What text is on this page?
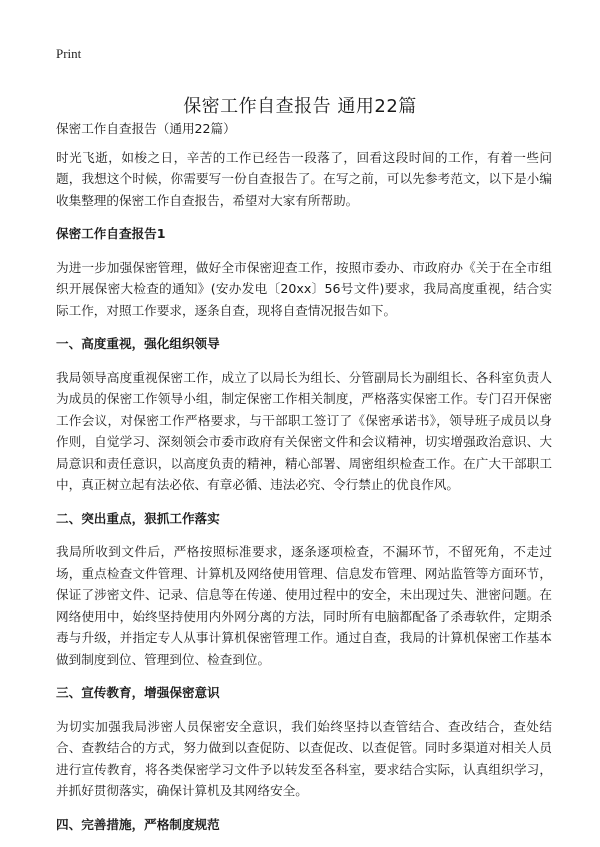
Print
保密工作自查报告 通用22篇

保密工作自查报告（通用22篇）

时光飞逝，如梭之日，辛苦的工作已经告一段落了，回看这段时间的工作，有着一些问题，我想这个时候，你需要写一份自查报告了。在写之前，可以先参考范文，以下是小编收集整理的保密工作自查报告，希望对大家有所帮助。

保密工作自查报告1

为进一步加强保密管理，做好全市保密迎查工作，按照市委办、市政府办《关于在全市组织开展保密大检查的通知》(安办发电〔20xx〕56号文件)要求，我局高度重视，结合实际工作，对照工作要求，逐条自查，现将自查情况报告如下。

一、高度重视，强化组织领导

我局领导高度重视保密工作，成立了以局长为组长、分管副局长为副组长、各科室负责人为成员的保密工作领导小组，制定保密工作相关制度，严格落实保密工作。专门召开保密工作会议，对保密工作严格要求，与干部职工签订了《保密承诺书》，领导班子成员以身作则，自觉学习、深刻领会市委市政府有关保密文件和会议精神，切实增强政治意识、大局意识和责任意识，以高度负责的精神，精心部署、周密组织检查工作。在广大干部职工中，真正树立起有法必依、有章必循、违法必究、令行禁止的优良作风。

二、突出重点，狠抓工作落实

我局所收到文件后，严格按照标准要求，逐条逐项检查，不漏环节，不留死角，不走过场，重点检查文件管理、计算机及网络使用管理、信息发布管理、网站监管等方面环节，保证了涉密文件、记录、信息等在传递、使用过程中的安全，未出现过失、泄密问题。在网络使用中，始终坚持使用内外网分离的方法，同时所有电脑都配备了杀毒软件，定期杀毒与升级，并指定专人从事计算机保密管理工作。通过自查，我局的计算机保密工作基本做到制度到位、管理到位、检查到位。

三、宣传教育，增强保密意识

为切实加强我局涉密人员保密安全意识，我们始终坚持以查管结合、查改结合，查处结合、查教结合的方式，努力做到以查促防、以查促改、以查促管。同时多渠道对相关人员进行宣传教育，将各类保密学习文件予以转发至各科室，要求结合实际，认真组织学习，并抓好贯彻落实，确保计算机及其网络安全。

四、完善措施，严格制度规范
